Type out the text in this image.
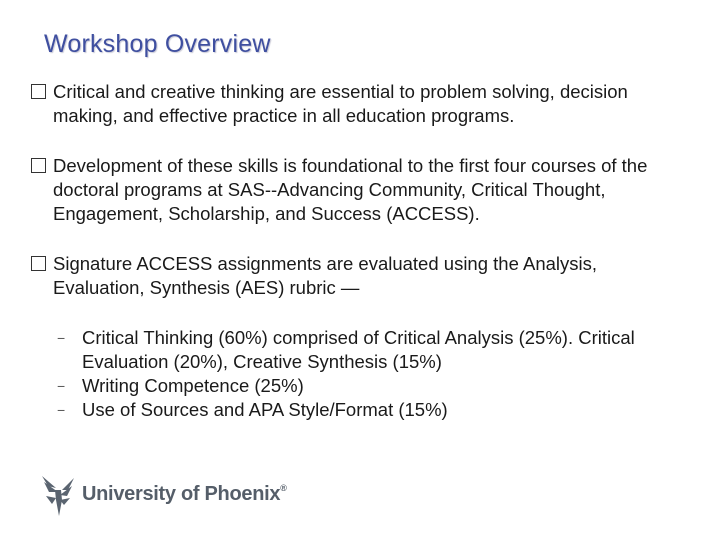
Workshop Overview
Critical and creative thinking are essential to problem solving, decision making, and effective practice in all education programs.
Development of these skills is foundational to the first four courses of the doctoral programs at SAS--Advancing Community, Critical Thought, Engagement, Scholarship, and Success (ACCESS).
Signature ACCESS assignments are evaluated using the Analysis, Evaluation, Synthesis (AES) rubric —
− Critical Thinking (60%) comprised of Critical Analysis (25%). Critical Evaluation (20%), Creative Synthesis (15%)
− Writing Competence (25%)
− Use of Sources and APA Style/Format (15%)
University of Phoenix®
